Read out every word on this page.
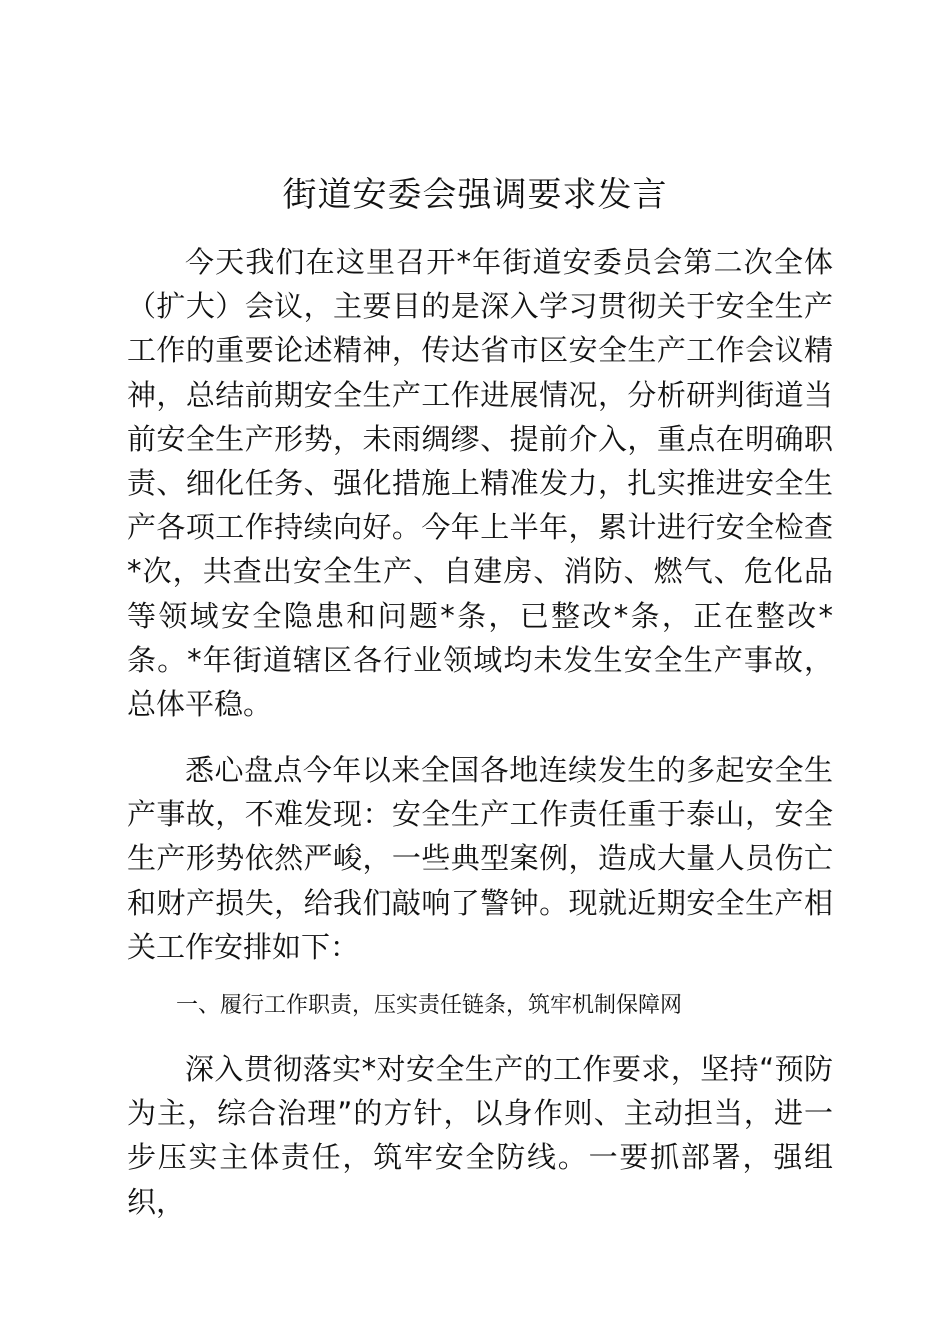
街道安委会强调要求发言

今天我们在这里召开*年街道安委员会第二次全体（扩大）会议，主要目的是深入学习贯彻关于安全生产工作的重要论述精神，传达省市区安全生产工作会议精神，总结前期安全生产工作进展情况，分析研判街道当前安全生产形势，未雨绸缪、提前介入，重点在明确职责、细化任务、强化措施上精准发力，扎实推进安全生产各项工作持续向好。今年上半年，累计进行安全检查*次，共查出安全生产、自建房、消防、燃气、危化品等领域安全隐患和问题*条，已整改*条，正在整改*条。*年街道辖区各行业领域均未发生安全生产事故，总体平稳。

悉心盘点今年以来全国各地连续发生的多起安全生产事故，不难发现：安全生产工作责任重于泰山，安全生产形势依然严峻，一些典型案例，造成大量人员伤亡和财产损失，给我们敲响了警钟。现就近期安全生产相关工作安排如下：

一、履行工作职责，压实责任链条，筑牢机制保障网

深入贯彻落实*对安全生产的工作要求，坚持“预防为主，综合治理”的方针，以身作则、主动担当，进一步压实主体责任，筑牢安全防线。一要抓部署，强组织，
